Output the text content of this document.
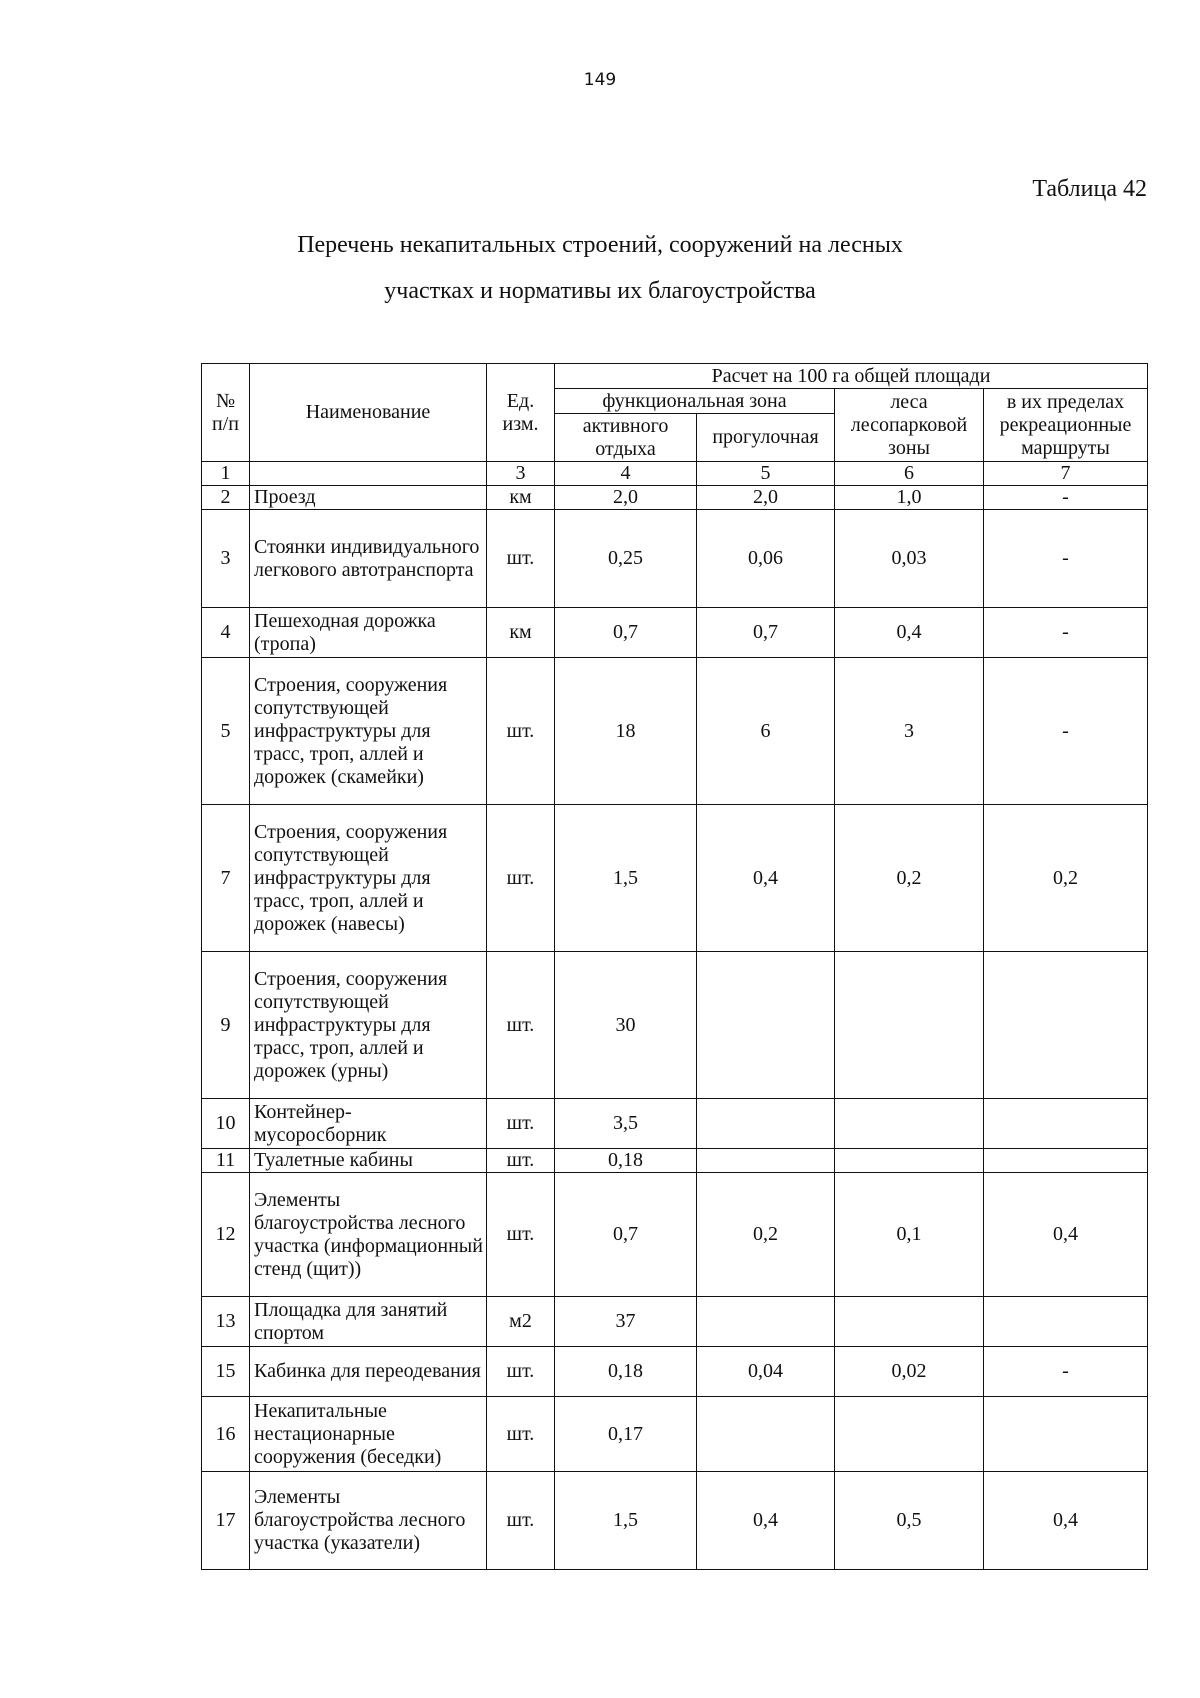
149
Таблица 42
Перечень некапитальных строений, сооружений на лесных
участках и нормативы их благоустройства
№ п/п	Наименование	Ед. изм.	Расчет на 100 га общей площади			
			функциональная зона		леса лесопарковой зоны	в их пределах рекреационные маршруты
			активного отдыха	прогулочная		
1		3	4	5	6	7
2	Проезд	км	2,0	2,0	1,0	-
3	Стоянки индивидуального легкового автотранспорта	шт.	0,25	0,06	0,03	-
4	Пешеходная дорожка (тропа)	км	0,7	0,7	0,4	-
5	Строения, сооружения сопутствующей инфраструктуры для трасс, троп, аллей и дорожек (скамейки)	шт.	18	6	3	-
7	Строения, сооружения сопутствующей инфраструктуры для трасс, троп, аллей и дорожек (навесы)	шт.	1,5	0,4	0,2	0,2
9	Строения, сооружения сопутствующей инфраструктуры для трасс, троп, аллей и дорожек (урны)	шт.	30			
10	Контейнер-мусоросборник	шт.	3,5			
11	Туалетные кабины	шт.	0,18			
12	Элементы благоустройства лесного участка (информационный стенд (щит))	шт.	0,7	0,2	0,1	0,4
13	Площадка для занятий спортом	м2	37			
15	Кабинка для переодевания	шт.	0,18	0,04	0,02	-
16	Некапитальные нестационарные сооружения (беседки)	шт.	0,17			
17	Элементы благоустройства лесного участка (указатели)	шт.	1,5	0,4	0,5	0,4
